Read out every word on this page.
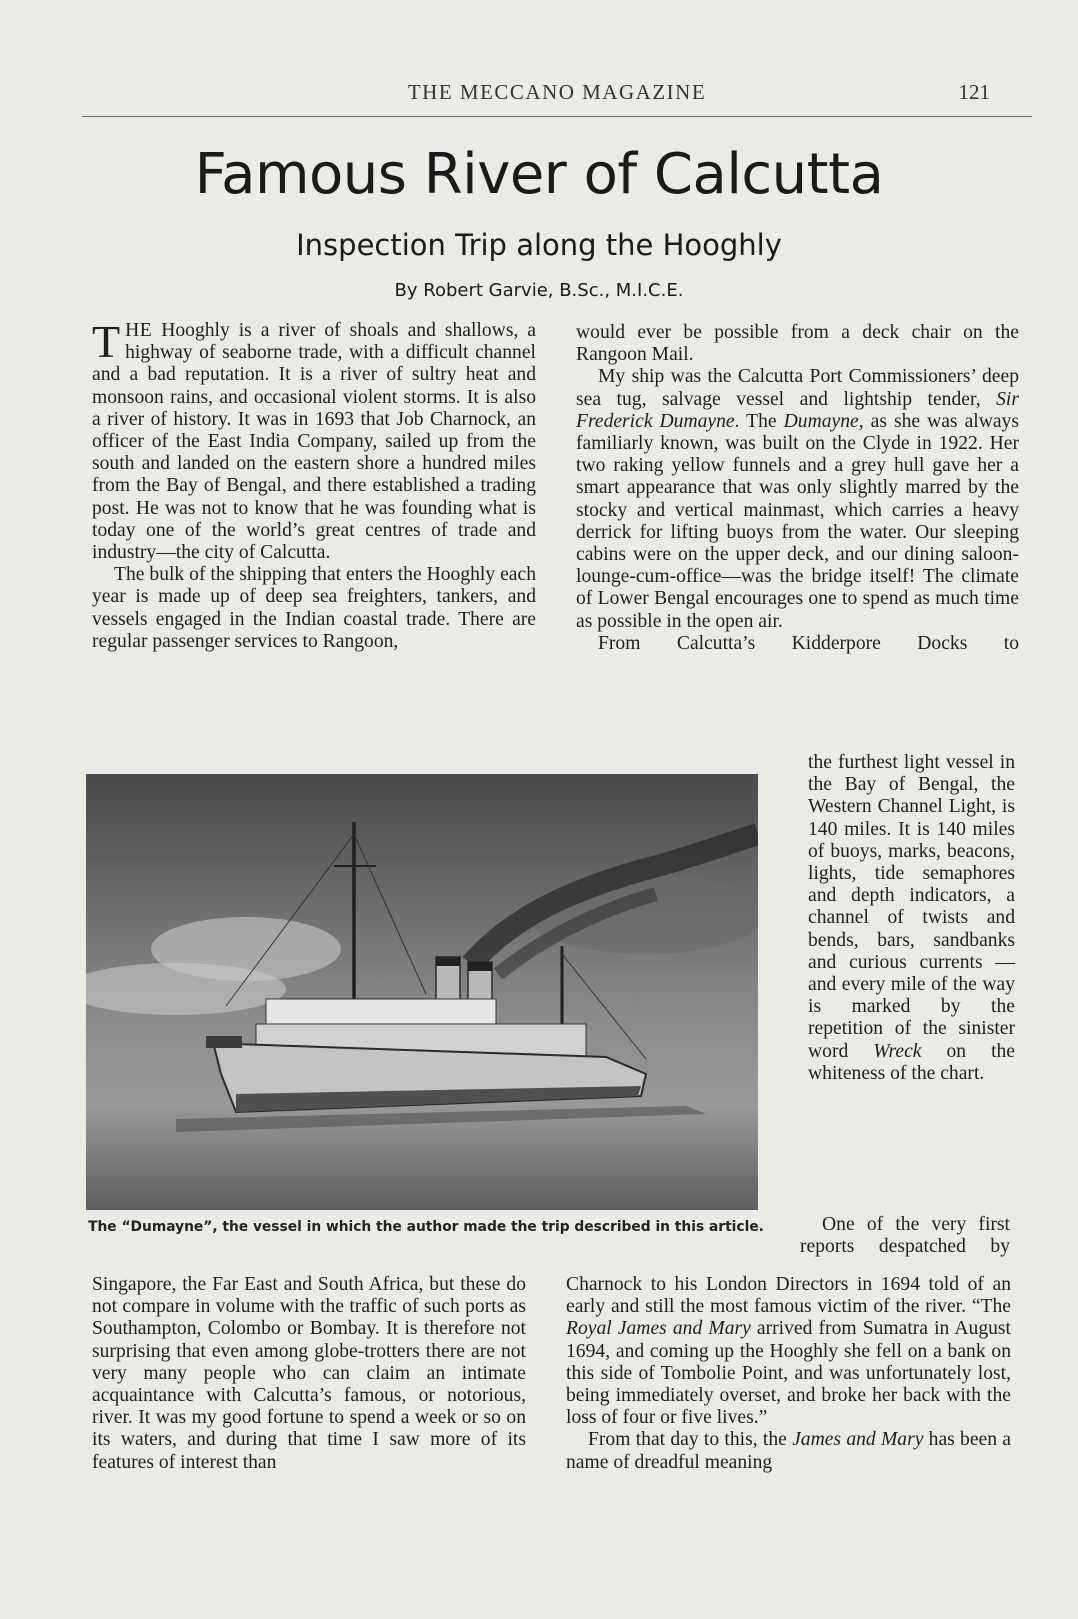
THE MECCANO MAGAZINE	121
Famous River of Calcutta
Inspection Trip along the Hooghly
By Robert Garvie, B.Sc., M.I.C.E.

THE Hooghly is a river of shoals and shallows, a highway of seaborne trade, with a difficult channel and a bad reputation. It is a river of sultry heat and monsoon rains, and occasional violent storms. It is also a river of history. It was in 1693 that Job Charnock, an officer of the East India Company, sailed up from the south and landed on the eastern shore a hundred miles from the Bay of Bengal, and there established a trading post. He was not to know that he was founding what is today one of the world’s great centres of trade and industry—the city of Calcutta.

The bulk of the shipping that enters the Hooghly each year is made up of deep sea freighters, tankers, and vessels engaged in the Indian coastal trade. There are regular passenger services to Rangoon,

would ever be possible from a deck chair on the Rangoon Mail.

My ship was the Calcutta Port Commissioners’ deep sea tug, salvage vessel and lightship tender, Sir Frederick Dumayne. The Dumayne, as she was always familiarly known, was built on the Clyde in 1922. Her two raking yellow funnels and a grey hull gave her a smart appearance that was only slightly marred by the stocky and vertical mainmast, which carries a heavy derrick for lifting buoys from the water. Our sleeping cabins were on the upper deck, and our dining saloon-lounge-cum-office—was the bridge itself! The climate of Lower Bengal encourages one to spend as much time as possible in the open air.

From Calcutta’s Kidderpore Docks to

The “Dumayne”, the vessel in which the author made the trip described in this article.

the furthest light vessel in the Bay of Bengal, the Western Channel Light, is 140 miles. It is 140 miles of buoys, marks, beacons, lights, tide semaphores and depth indicators, a channel of twists and bends, bars, sandbanks and curious currents — and every mile of the way is marked by the repetition of the sinister word Wreck on the whiteness of the chart.

One of the very first reports despatched by

Singapore, the Far East and South Africa, but these do not compare in volume with the traffic of such ports as Southampton, Colombo or Bombay. It is therefore not surprising that even among globe-trotters there are not very many people who can claim an intimate acquaintance with Calcutta’s famous, or notorious, river. It was my good fortune to spend a week or so on its waters, and during that time I saw more of its features of interest than

Charnock to his London Directors in 1694 told of an early and still the most famous victim of the river. “The Royal James and Mary arrived from Sumatra in August 1694, and coming up the Hooghly she fell on a bank on this side of Tombolie Point, and was unfortunately lost, being immediately overset, and broke her back with the loss of four or five lives.”

From that day to this, the James and Mary has been a name of dreadful meaning
